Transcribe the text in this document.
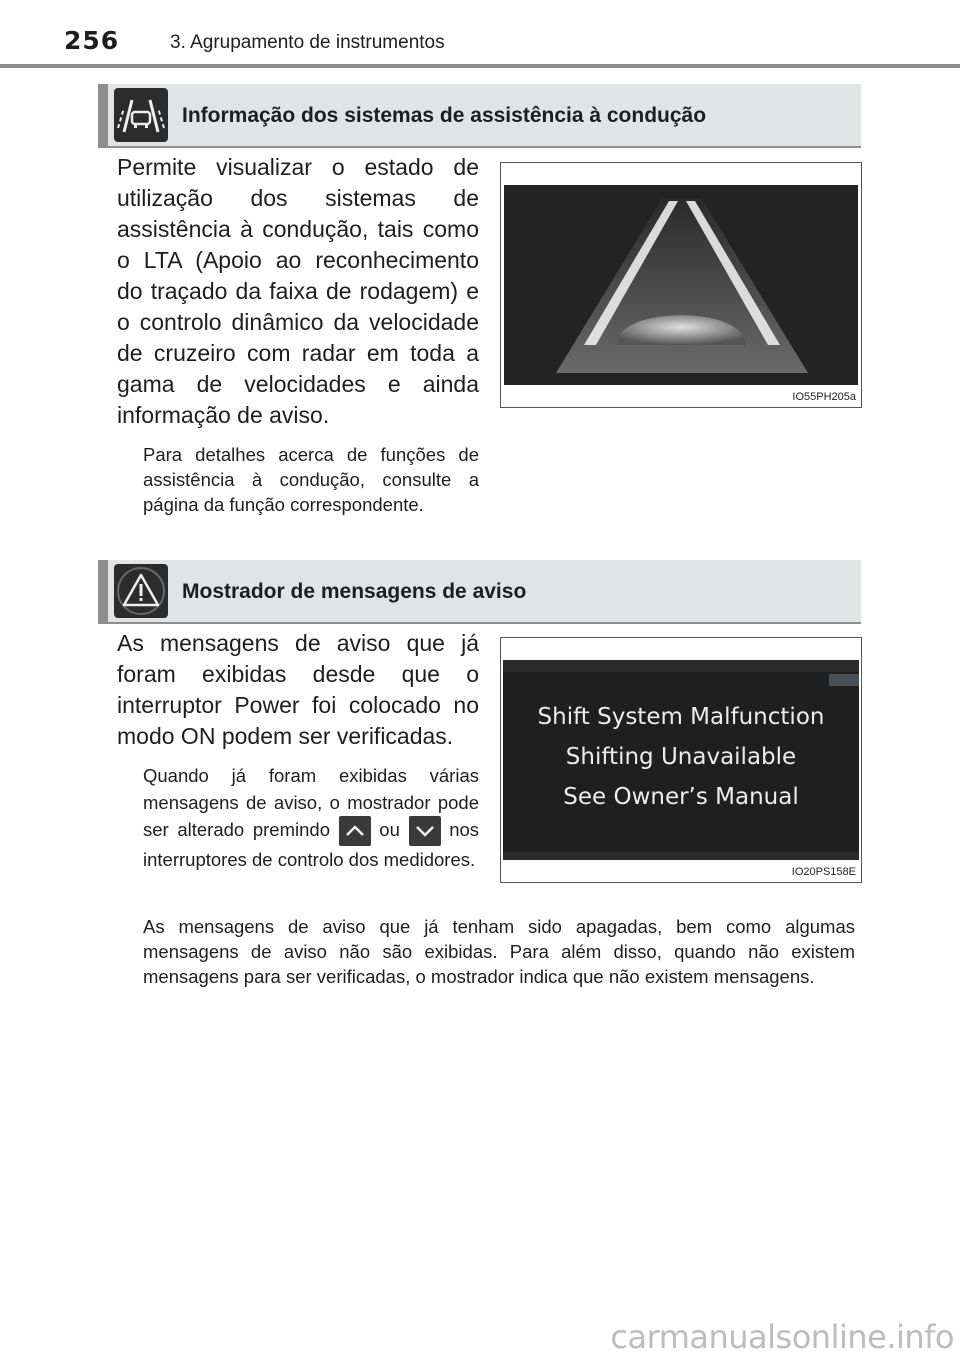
256	3. Agrupamento de instrumentos
Informação dos sistemas de assistência à condução
Permite visualizar o estado de utilização dos sistemas de assistência à condução, tais como o LTA (Apoio ao reconhecimento do traçado da faixa de rodagem) e o controlo dinâmico da velocidade de cruzeiro com radar em toda a gama de velocidades e ainda informação de aviso.
Para detalhes acerca de funções de assistência à condução, consulte a página da função correspondente.
IO55PH205a
Mostrador de mensagens de aviso
As mensagens de aviso que já foram exibidas desde que o interruptor Power foi colocado no modo ON podem ser verificadas.
Quando já foram exibidas várias mensagens de aviso, o mostrador pode ser alterado premindo	ou	nos interruptores de controlo dos medidores.
As mensagens de aviso que já tenham sido apagadas, bem como algumas mensagens de aviso não são exibidas. Para além disso, quando não existem mensagens para ser verificadas, o mostrador indica que não existem mensagens.
Shift System Malfunction
Shifting Unavailable
See Owner’s Manual
IO20PS158E
carmanualsonline.info
